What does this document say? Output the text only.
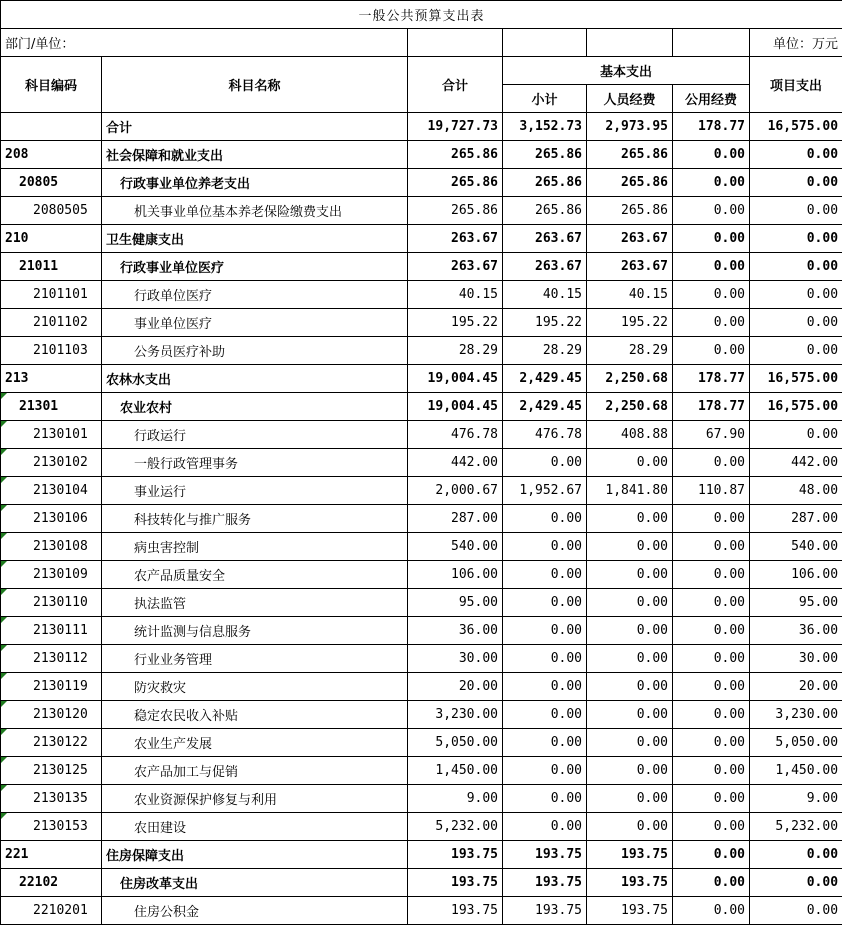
一般公共预算支出表						
部门/单位：						单位：万元
科目编码	科目名称	合计	基本支出			项目支出
			小计	人员经费	公用经费	
	合计	19,727.73	3,152.73	2,973.95	178.77	16,575.00
208	社会保障和就业支出	265.86	265.86	265.86	0.00	0.00
20805	行政事业单位养老支出	265.86	265.86	265.86	0.00	0.00
2080505	机关事业单位基本养老保险缴费支出	265.86	265.86	265.86	0.00	0.00
210	卫生健康支出	263.67	263.67	263.67	0.00	0.00
21011	行政事业单位医疗	263.67	263.67	263.67	0.00	0.00
2101101	行政单位医疗	40.15	40.15	40.15	0.00	0.00
2101102	事业单位医疗	195.22	195.22	195.22	0.00	0.00
2101103	公务员医疗补助	28.29	28.29	28.29	0.00	0.00
213	农林水支出	19,004.45	2,429.45	2,250.68	178.77	16,575.00
21301	农业农村	19,004.45	2,429.45	2,250.68	178.77	16,575.00
2130101	行政运行	476.78	476.78	408.88	67.90	0.00
2130102	一般行政管理事务	442.00	0.00	0.00	0.00	442.00
2130104	事业运行	2,000.67	1,952.67	1,841.80	110.87	48.00
2130106	科技转化与推广服务	287.00	0.00	0.00	0.00	287.00
2130108	病虫害控制	540.00	0.00	0.00	0.00	540.00
2130109	农产品质量安全	106.00	0.00	0.00	0.00	106.00
2130110	执法监管	95.00	0.00	0.00	0.00	95.00
2130111	统计监测与信息服务	36.00	0.00	0.00	0.00	36.00
2130112	行业业务管理	30.00	0.00	0.00	0.00	30.00
2130119	防灾救灾	20.00	0.00	0.00	0.00	20.00
2130120	稳定农民收入补贴	3,230.00	0.00	0.00	0.00	3,230.00
2130122	农业生产发展	5,050.00	0.00	0.00	0.00	5,050.00
2130125	农产品加工与促销	1,450.00	0.00	0.00	0.00	1,450.00
2130135	农业资源保护修复与利用	9.00	0.00	0.00	0.00	9.00
2130153	农田建设	5,232.00	0.00	0.00	0.00	5,232.00
221	住房保障支出	193.75	193.75	193.75	0.00	0.00
22102	住房改革支出	193.75	193.75	193.75	0.00	0.00
2210201	住房公积金	193.75	193.75	193.75	0.00	0.00
